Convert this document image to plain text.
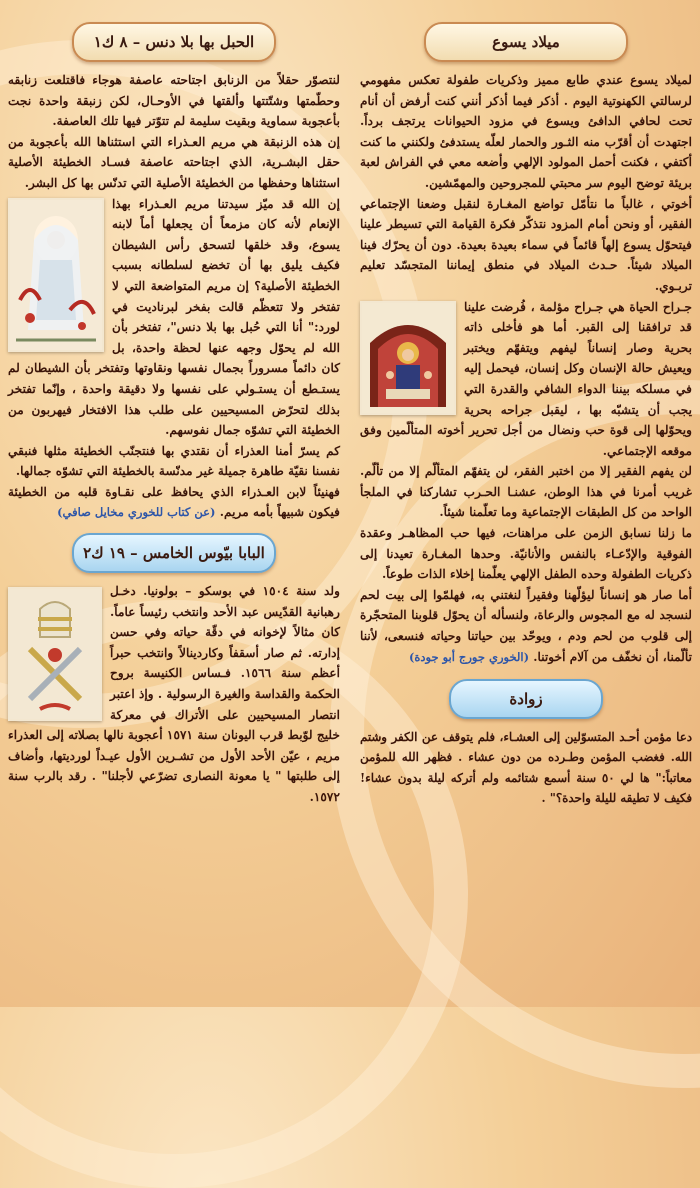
ميلاد يسوع

لميلاد يسوع عندي طابع مميز وذكريات طفولة تعكس مفهومي لرسالتي الكهنوتية اليوم . أذكر فيما أذكر أنني كنت أرفض أن أنام تحت لحافي الدافئ ويسوع في مزود الحيوانات يرتجف برداً. اجتهدت أن أقرّب منه الثـور والحمار لعلّه يستدفئ ولكنني ما كنت أكتفي ، فكنت أحمل المولود الإلهي وأضعه معي في الفراش لعبة بريئة توضح اليوم سر محبتي للمجروحين والمهمّشين.

أخوتي ، غالباً ما نتأمّل تواضع المغـارة لنقبل وضعنا الإجتماعي الفقير، أو ونحن أمام المزود نتذكّر فكرة القيامة التي تسيطر علينا فيتحوّل يسوع إلهاً قائماً في سماء بعيدة بعيدة. دون أن يحرّك فينا الميلاد شيئاً. حـدث الميلاد في منطق إيماننا المتجسّد تعليم تربـوي.

جـراح الحياة هي جـراح مؤلمة ، فُرضت علينا قد ترافقنا إلى القبر. أما هو فأخلى ذاته بحرية وصار إنساناً ليفهم ويتفهّم ويختبر ويعيش حالة الإنسان وكل إنسان، فيحمل إليه في مسلكه بيننا الدواء الشافي والقدرة التي يجب أن يتشبّه بها ، ليقبل جراحه بحرية ويحوّلها إلى قوة حب ونضال من أجل تحرير أخوته المتألّمين وفق موقعه الإجتماعي.

لن يفهم الفقير إلا من اختبر الفقر، لن يتفهّم المتألّم إلا من تألّم. غريب أمرنا في هذا الوطن، عشنـا الحـرب تشاركنا في الملجأ الواحد من كل الطبقات الإجتماعية وما تعلّمنا شيئاً.

ما زلنا نسابق الزمن على مراهنات، فيها حب المظاهـر وعقدة الفوقية والإدّعـاء بالنفس والأنانيّة. وحدها المغـارة تعيدنا إلى ذكريات الطفولة وحده الطفل الإلهي يعلّمنا إخلاء الذات طوعاً.

أما صار هو إنساناً ليؤلّهنا وفقيراً لنغتني به، فهلمّوا إلى بيت لحم لنسجد له مع المجوس والرعاة، ولنسأله أن يحوّل قلوبنا المتحجّرة إلى قلوب من لحم ودم ، ويوحّد بين حياتنا وحياته فنسعى، لأننا تألّمنا، أن نخفّف من آلام أخوتنا. (الخوري جورج أبو جودة)

زوادة

دعا مؤمن أحـد المتسوّلين إلى العشـاء، فلم يتوقف عن الكفر وشتم الله. فغضب المؤمن وطـرده من دون عشاء . فظهر الله للمؤمن معاتباً:" ها لي ٥٠ سنة أسمع شتائمه ولم أتركه ليلة بدون عشاء! فكيف لا تطيقه لليلة واحدة؟" .

الحبل بها بلا دنس – ٨ ك١

لنتصوّر حقلاً من الزنابق اجتاحته عاصفة هوجاء فاقتلعت زنابقه وحطّمتها وشتّتتها وألقتها في الأوحـال، لكن زنبقة واحدة نجت بأعجوبة سماوية وبقيت سليمة لم تتوّتر فيها تلك العاصفة.

إن هذه الزنبقة هي مريم العـذراء التي استثناها الله بأعجوبة من حقل البشـرية، الذي اجتاحته عاصفة فسـاد الخطيئة الأصلية استثناها وحفظها من الخطيئة الأصلية التي تدنّس بها كل البشر.

إن الله قد ميّز سيدتنا مريم العـذراء بهذا الإنعام لأنه كان مزمعاً أن يجعلها أماً لابنه يسوع، وقد خلقها لتسحق رأس الشيطان فكيف يليق بها أن تخضع لسلطانه بسبب الخطيئة الأصلية؟ إن مريم المتواضعة التي لا تفتخر ولا تتعظّم قالت بفخر لبرناديت في لورد:" أنا التي حُبل بها بلا دنس"، تفتخر بأن الله لم يحوّل وجهه عنها لحظة واحدة، بل كان دائماً مسروراً بجمال نفسها ونقاوتها وتفتخر بأن الشيطان لم يستـطع أن يستـولي على نفسها ولا دقيقة واحدة ، وإنّما تفتخر بذلك لتحرّض المسيحيين على طلب هذا الافتخار فيهربون من الخطيئة التي تشوّه جمال نفوسهم.

كم يسرّ أمنا العذراء أن نقتدي بها فنتجنّب الخطيئة مثلها فنبقي نفسنا نقيّة طاهرة جميلة غير مدنّسة بالخطيئة التي تشوّه جمالها.

فهنيئاً لابن العـذراء الذي يحافظ على نقـاوة قلبه من الخطيئة فيكون شبيهاً بأمه مريم. (عن كتاب للخوري مخايل صافي)

البابا بيّوس الخامس – ١٩ ك٢

ولد سنة ١٥٠٤ في بوسكو – بولونيا. دخـل رهبانية القدّيس عبد الأحد وانتخب رئيساً عاماً. كان مثالاً لإخوانه في دقّة حياته وفي حسن إدارته. ثم صار أسقفاً وكاردينالاً وانتخب حبراً أعظم سنة ١٥٦٦. فـساس الكنيسة بروح الحكمة والقداسة والغيرة الرسولية . وإذ اعتبر انتصار المسيحيين على الأتراك في معركة خليج لوّبط قرب اليونان سنة ١٥٧١ أعجوبة نالها بصلاته إلى العذراء مريم ، عيّن الأحد الأول من تشـرين الأول عيـداً لورديتها، وأضاف إلى طلبتها " يا معونة النصارى تضرّعي لأجلنا" . رقد بالرب سنة ١٥٧٢.
